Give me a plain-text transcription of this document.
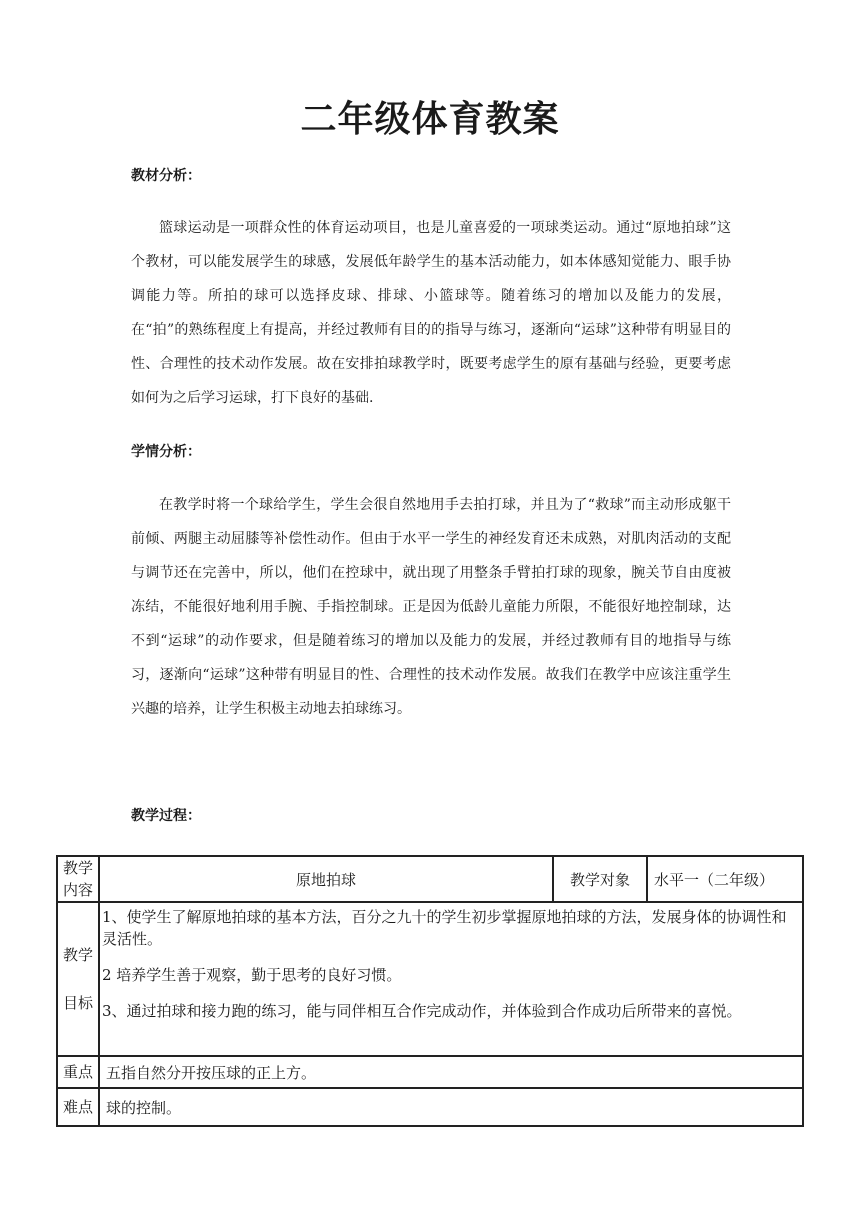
二年级体育教案
教材分析：

篮球运动是一项群众性的体育运动项目，也是儿童喜爱的一项球类运动。通过“原地拍球”这个教材，可以能发展学生的球感，发展低年龄学生的基本活动能力，如本体感知觉能力、眼手协调能力等。所拍的球可以选择皮球、排球、小篮球等。随着练习的增加以及能力的发展，在“拍”的熟练程度上有提高，并经过教师有目的的指导与练习，逐渐向“运球”这种带有明显目的性、合理性的技术动作发展。故在安排拍球教学时，既要考虑学生的原有基础与经验，更要考虑如何为之后学习运球，打下良好的基础.

学情分析：

在教学时将一个球给学生，学生会很自然地用手去拍打球，并且为了“救球”而主动形成躯干前倾、两腿主动屈膝等补偿性动作。但由于水平一学生的神经发育还未成熟，对肌肉活动的支配与调节还在完善中，所以，他们在控球中，就出现了用整条手臂拍打球的现象，腕关节自由度被冻结，不能很好地利用手腕、手指控制球。正是因为低龄儿童能力所限，不能很好地控制球，达不到“运球”的动作要求，但是随着练习的增加以及能力的发展，并经过教师有目的地指导与练习，逐渐向“运球”这种带有明显目的性、合理性的技术动作发展。故我们在教学中应该注重学生兴趣的培养，让学生积极主动地去拍球练习。

教学过程：
教学内容	原地拍球	教学对象	水平一（二年级）
教学目标	1、使学生了解原地拍球的基本方法，百分之九十的学生初步掌握原地拍球的方法，发展身体的协调性和灵活性。

2 培养学生善于观察，勤于思考的良好习惯。

3、通过拍球和接力跑的练习，能与同伴相互合作完成动作，并体验到合作成功后所带来的喜悦。		

重点	五指自然分开按压球的正上方。		
难点	球的控制。		
